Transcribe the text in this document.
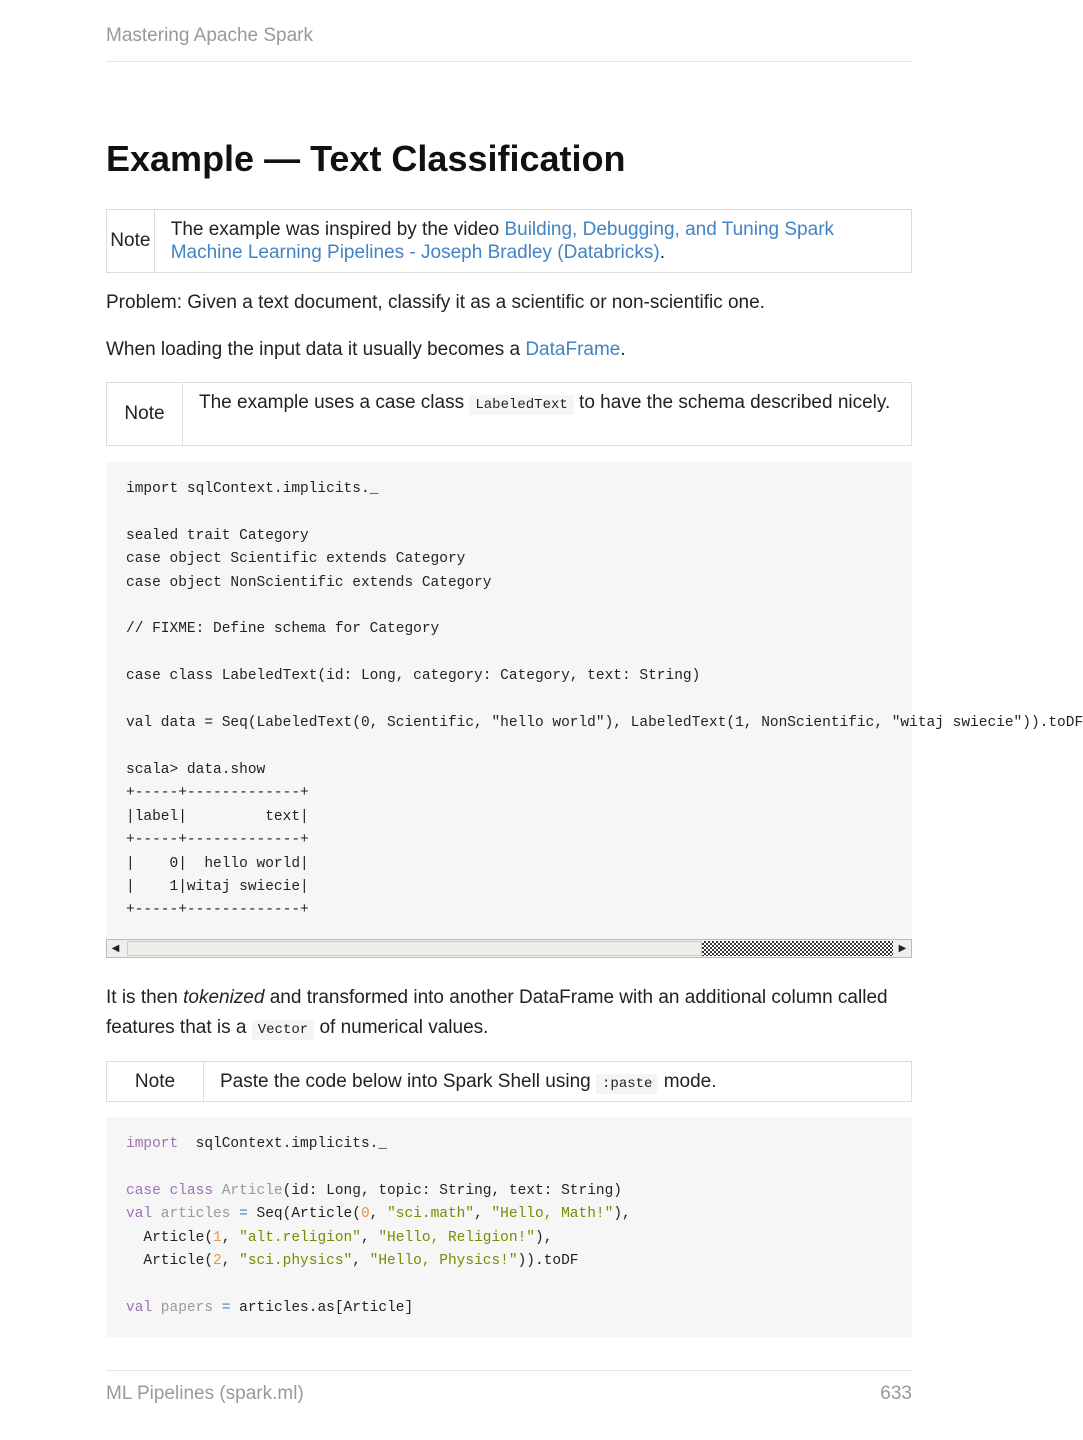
Mastering Apache Spark
Example — Text Classification
Note
The example was inspired by the video Building, Debugging, and Tuning Spark Machine Learning Pipelines - Joseph Bradley (Databricks).

Problem: Given a text document, classify it as a scientific or non-scientific one.

When loading the input data it usually becomes a DataFrame.

Note
The example uses a case class LabeledText to have the schema described nicely.
import sqlContext.implicits._

sealed trait Category
case object Scientific extends Category
case object NonScientific extends Category

// FIXME: Define schema for Category

case class LabeledText(id: Long, category: Category, text: String)

val data = Seq(LabeledText(0, Scientific, "hello world"), LabeledText(1, NonScientific, "witaj swiecie")).toDF

scala> data.show
+-----+-------------+
|label|         text|
+-----+-------------+
|    0|  hello world|
|    1|witaj swiecie|
+-----+-------------+
◀	▶

It is then tokenized and transformed into another DataFrame with an additional column called features that is a Vector of numerical values.

Note	Paste the code below into Spark Shell using :paste mode.
import  sqlContext.implicits._
case class Article(id: Long, topic: String, text: String)
val articles = Seq(Article(0, "sci.math", "Hello, Math!"),
Article(1, "alt.religion", "Hello, Religion!"),
Article(2, "sci.physics", "Hello, Physics!")).toDF
val papers = articles.as[Article]
ML Pipelines (spark.ml)	633
